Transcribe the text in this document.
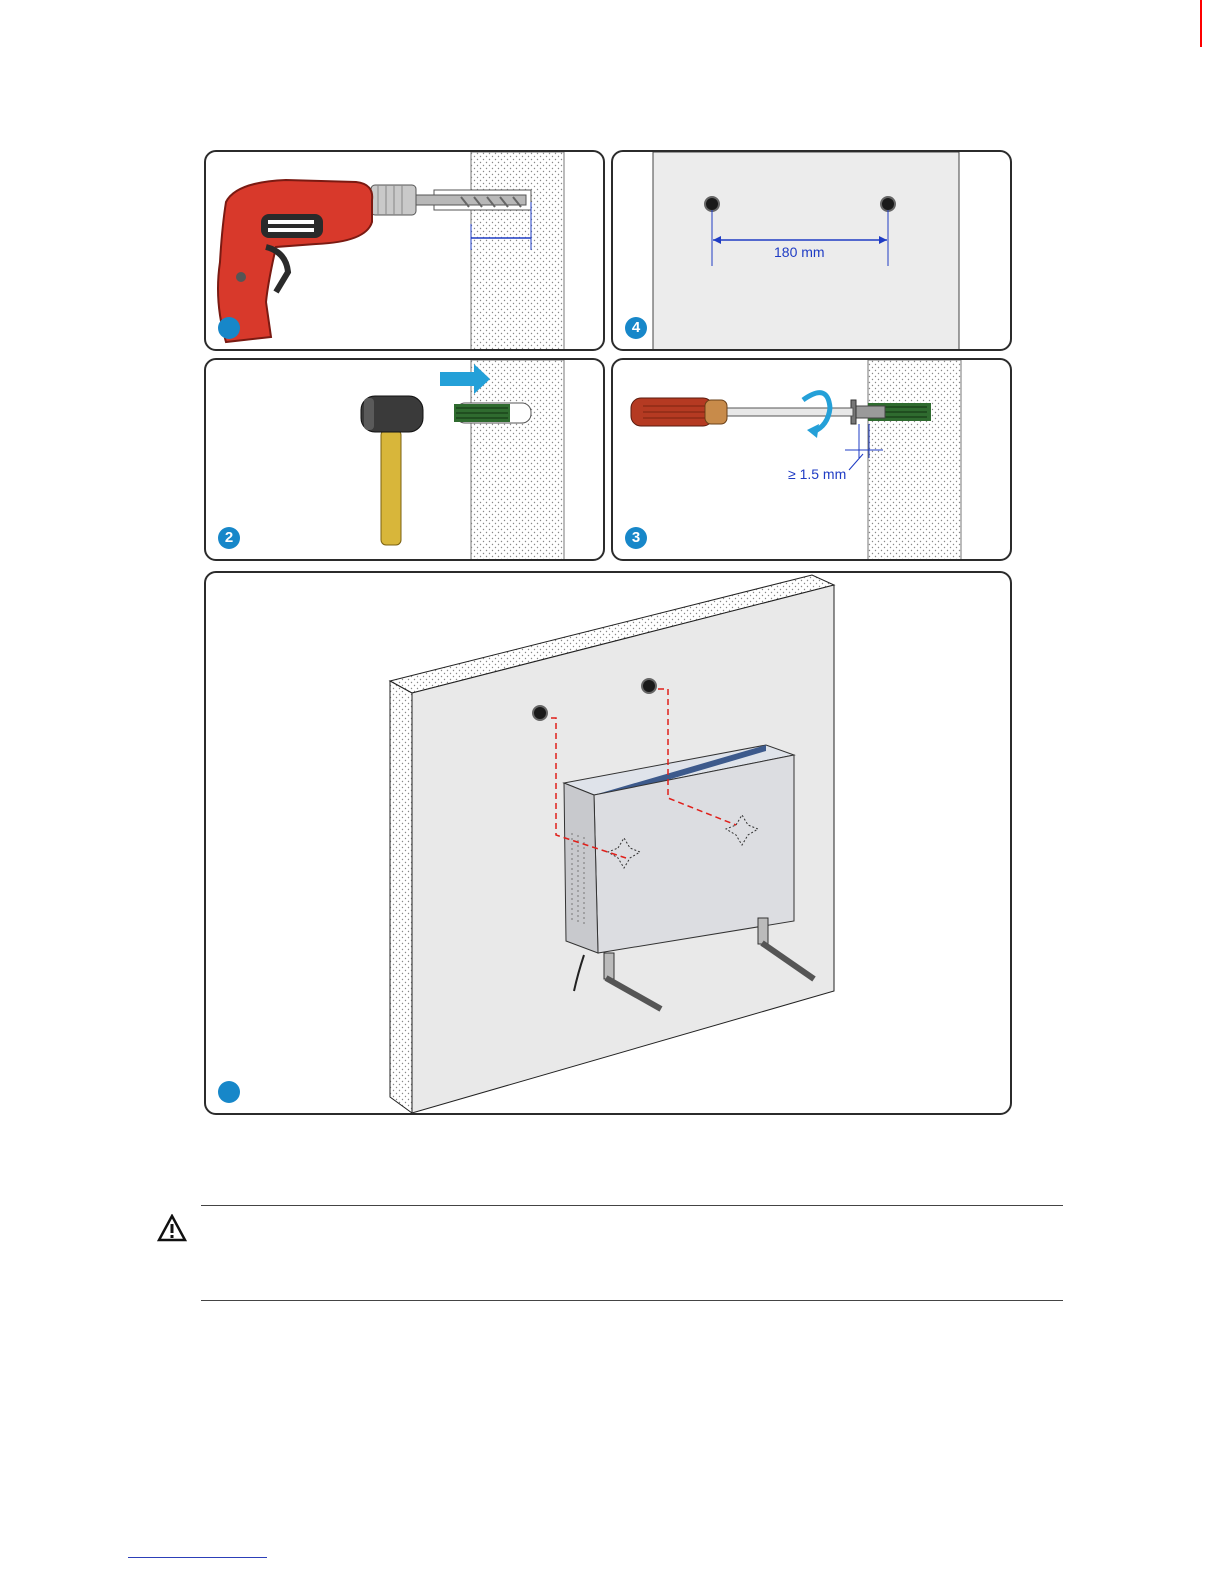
180 mm
4
2
≥ 1.5 mm
3
